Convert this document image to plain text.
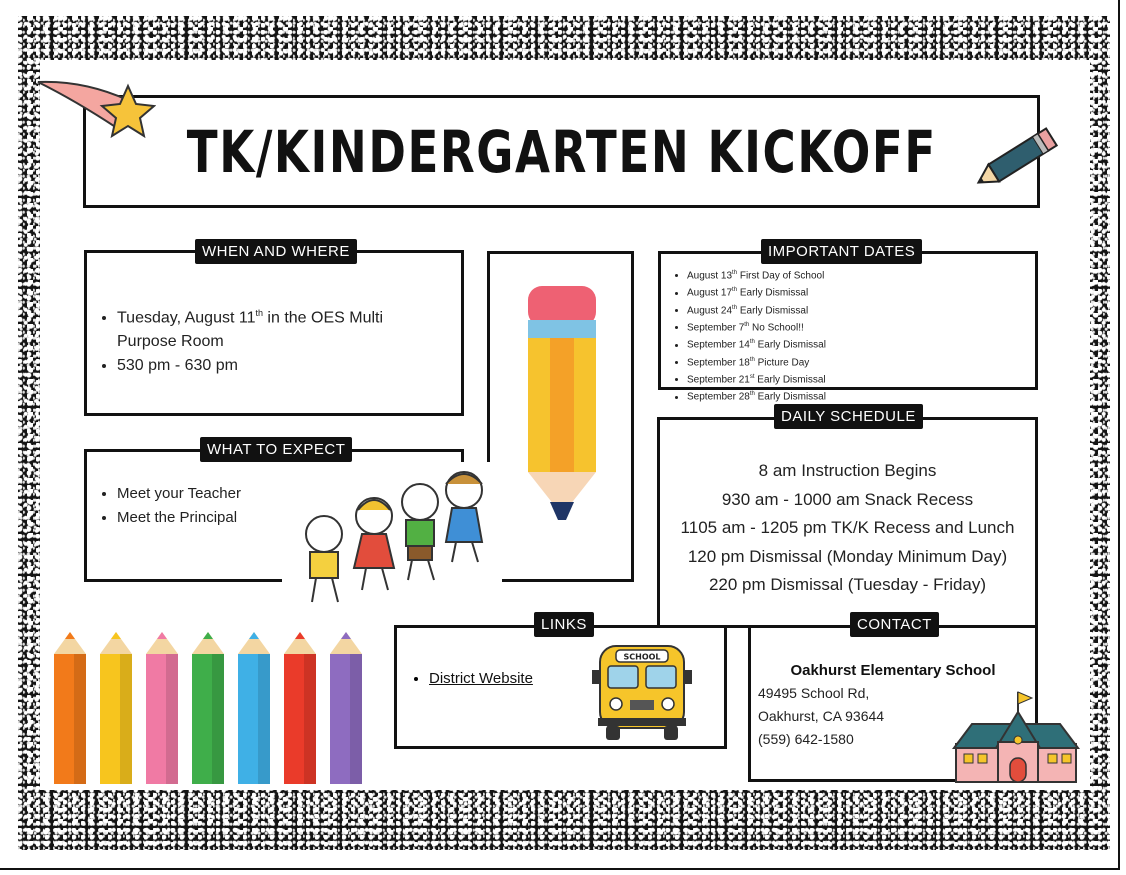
TK/KINDERGARTEN KICKOFF
• Tuesday, August 11th in the OES Multi Purpose Room
• 530 pm - 630 pm
WHEN AND WHERE
• Meet your Teacher
• Meet the Principal
WHAT TO EXPECT
• August 13th First Day of School
• August 17th Early Dismissal
• August 24th Early Dismissal
• September 7th No School!!
• September 14th Early Dismissal
• September 18th Picture Day
• September 21st Early Dismissal
• September 28th Early Dismissal
IMPORTANT DATES
8 am Instruction Begins
930 am - 1000 am Snack Recess
1105 am - 1205 pm TK/K Recess and Lunch
120 pm Dismissal (Monday Minimum Day)
220 pm Dismissal (Tuesday - Friday)
DAILY SCHEDULE
• District Website
LINKS
SCHOOL
Oakhurst Elementary School
49495 School Rd,
Oakhurst, CA 93644
(559) 642-1580
CONTACT
